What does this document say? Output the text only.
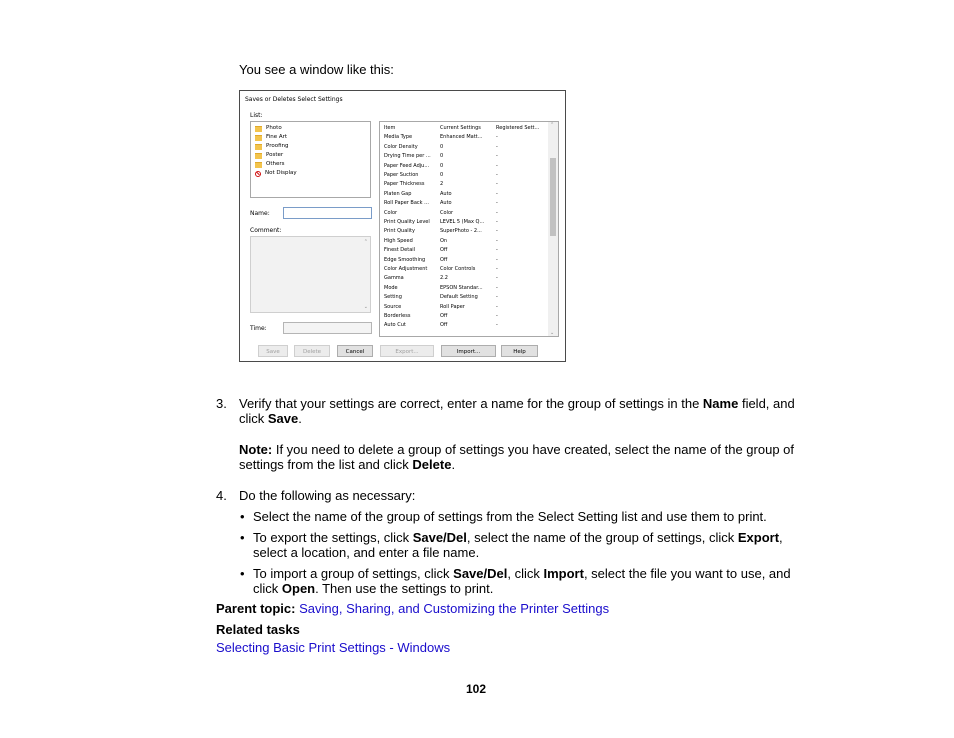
You see a window like this:
Saves or Deletes Select Settings
List:
Photo
Fine Art
Proofing
Poster
Others
Not Display
Name:
Comment:
⌃
⌄
Time:
Item	Current Settings	Registered Sett...
Media Type	Enhanced Matt...	-
Color Density	0	-
Drying Time per ...	0	-
Paper Feed Adju...	0	-
Paper Suction	0	-
Paper Thickness	2	-
Platen Gap	Auto	-
Roll Paper Back ...	Auto	-
Color	Color	-
Print Quality Level	LEVEL 5 (Max Q...	-
Print Quality	SuperPhoto - 2...	-
High Speed	On	-
Finest Detail	Off	-
Edge Smoothing	Off	-
Color Adjustment	Color Controls	-
Gamma	2.2	-
Mode	EPSON Standar...	-
Setting	Default Setting	-
Source	Roll Paper	-
Borderless	Off	-
Auto Cut	Off	-
⌃
⌄
Save	Delete	Cancel	Export...	Import...	Help
3. Verify that your settings are correct, enter a name for the group of settings in the Name field, and
click Save.
Note: If you need to delete a group of settings you have created, select the name of the group of
settings from the list and click Delete.
4. Do the following as necessary:
• Select the name of the group of settings from the Select Setting list and use them to print.
• To export the settings, click Save/Del, select the name of the group of settings, click Export,
select a location, and enter a file name.
• To import a group of settings, click Save/Del, click Import, select the file you want to use, and
click Open. Then use the settings to print.
Parent topic: Saving, Sharing, and Customizing the Printer Settings
Related tasks
Selecting Basic Print Settings - Windows
102
